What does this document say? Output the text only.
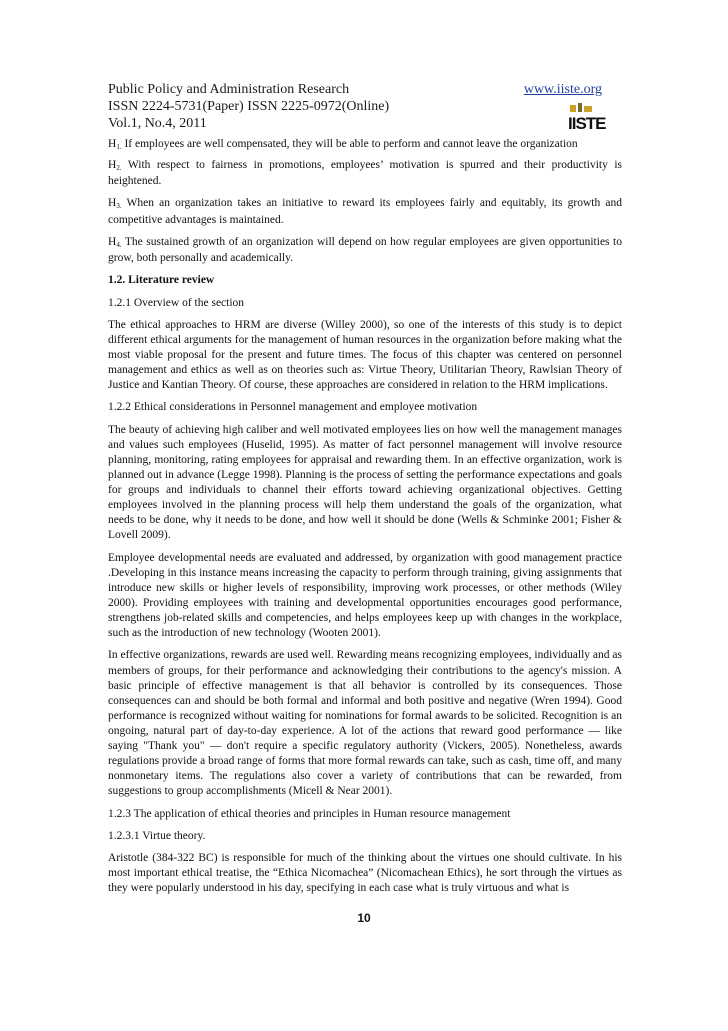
Public Policy and Administration Research	www.iiste.org
ISSN 2224-5731(Paper) ISSN 2225-0972(Online)
Vol.1, No.4, 2011	IISTE

$H_{1.}$ If employees are well compensated, they will be able to perform and cannot leave the organization

$H_{2.}$ With respect to fairness in promotions, employees’ motivation is spurred and their productivity is heightened.

$H_{3.}$ When an organization takes an initiative to reward its employees fairly and equitably, its growth and competitive advantages is maintained.

$H_{4.}$ The sustained growth of an organization will depend on how regular employees are given opportunities to grow, both personally and academically.

1.2. Literature review

1.2.1 Overview of the section

The ethical approaches to HRM are diverse (Willey 2000), so one of the interests of this study is to depict different ethical arguments for the management of human resources in the organization before making what the most viable proposal for the present and future times. The focus of this chapter was centered on personnel management and ethics as well as on theories such as: Virtue Theory, Utilitarian Theory, Rawlsian Theory of Justice and Kantian Theory. Of course, these approaches are considered in relation to the HRM implications.

1.2.2 Ethical considerations in Personnel management and employee motivation

The beauty of achieving high caliber and well motivated employees lies on how well the management manages and values such employees (Huselid, 1995). As matter of fact personnel management will involve resource planning, monitoring, rating employees for appraisal and rewarding them. In an effective organization, work is planned out in advance (Legge 1998). Planning is the process of setting the performance expectations and goals for groups and individuals to channel their efforts toward achieving organizational objectives. Getting employees involved in the planning process will help them understand the goals of the organization, what needs to be done, why it needs to be done, and how well it should be done (Wells & Schminke 2001; Fisher & Lovell 2009).

Employee developmental needs are evaluated and addressed, by organization with good management practice .Developing in this instance means increasing the capacity to perform through training, giving assignments that introduce new skills or higher levels of responsibility, improving work processes, or other methods (Wiley 2000). Providing employees with training and developmental opportunities encourages good performance, strengthens job-related skills and competencies, and helps employees keep up with changes in the workplace, such as the introduction of new technology (Wooten 2001).

In effective organizations, rewards are used well. Rewarding means recognizing employees, individually and as members of groups, for their performance and acknowledging their contributions to the agency's mission. A basic principle of effective management is that all behavior is controlled by its consequences. Those consequences can and should be both formal and informal and both positive and negative (Wren 1994). Good performance is recognized without waiting for nominations for formal awards to be solicited. Recognition is an ongoing, natural part of day-to-day experience. A lot of the actions that reward good performance — like saying "Thank you" — don't require a specific regulatory authority (Vickers, 2005). Nonetheless, awards regulations provide a broad range of forms that more formal rewards can take, such as cash, time off, and many nonmonetary items. The regulations also cover a variety of contributions that can be rewarded, from suggestions to group accomplishments (Micell & Near 2001).

1.2.3 The application of ethical theories and principles in Human resource management

1.2.3.1 Virtue theory.

Aristotle (384-322 BC) is responsible for much of the thinking about the virtues one should cultivate. In his most important ethical treatise, the “Ethica Nicomachea” (Nicomachean Ethics), he sort through the virtues as they were popularly understood in his day, specifying in each case what is truly virtuous and what is

10
